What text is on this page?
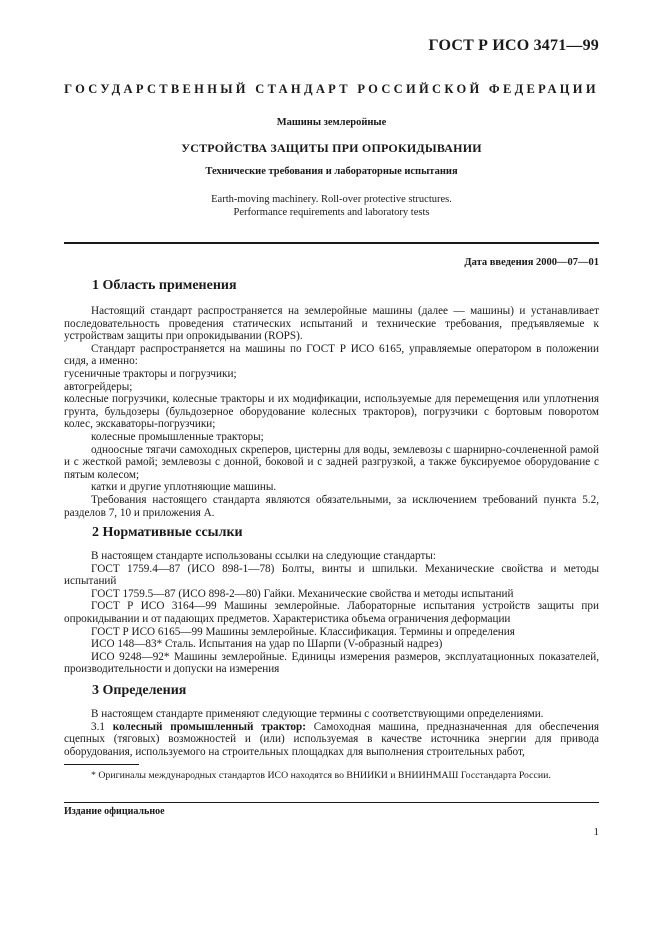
ГОСТ Р ИСО 3471—99
ГОСУДАРСТВЕННЫЙ СТАНДАРТ РОССИЙСКОЙ ФЕДЕРАЦИИ
Машины землеройные
УСТРОЙСТВА ЗАЩИТЫ ПРИ ОПРОКИДЫВАНИИ
Технические требования и лабораторные испытания
Earth-moving machinery. Roll-over protective structures.
Performance requirements and laboratory tests
Дата введения 2000—07—01
1 Область применения

Настоящий стандарт распространяется на землеройные машины (далее — машины) и устанавливает последовательность проведения статических испытаний и технические требования, предъявляемые к устройствам защиты при опрокидывании (ROPS).

Стандарт распространяется на машины по ГОСТ Р ИСО 6165, управляемые оператором в положении сидя, а именно:

гусеничные тракторы и погрузчики;

автогрейдеры;

колесные погрузчики, колесные тракторы и их модификации, используемые для перемещения или уплотнения грунта, бульдозеры (бульдозерное оборудование колесных тракторов), погрузчики с бортовым поворотом колес, экскаваторы-погрузчики;

колесные промышленные тракторы;

одноосные тягачи самоходных скреперов, цистерны для воды, землевозы с шарнирно-сочлененной рамой и с жесткой рамой; землевозы с донной, боковой и с задней разгрузкой, а также буксируемое оборудование с пятым колесом;

катки и другие уплотняющие машины.

Требования настоящего стандарта являются обязательными, за исключением требований пункта 5.2, разделов 7, 10 и приложения А.

2 Нормативные ссылки

В настоящем стандарте использованы ссылки на следующие стандарты:

ГОСТ 1759.4—87 (ИСО 898-1—78) Болты, винты и шпильки. Механические свойства и методы испытаний

ГОСТ 1759.5—87 (ИСО 898-2—80) Гайки. Механические свойства и методы испытаний

ГОСТ Р ИСО 3164—99 Машины землеройные. Лабораторные испытания устройств защиты при опрокидывании и от падающих предметов. Характеристика объема ограничения деформации

ГОСТ Р ИСО 6165—99 Машины землеройные. Классификация. Термины и определения

ИСО 148—83* Сталь. Испытания на удар по Шарпи (V-образный надрез)

ИСО 9248—92* Машины землеройные. Единицы измерения размеров, эксплуатационных показателей, производительности и допуски на измерения

3 Определения

В настоящем стандарте применяют следующие термины с соответствующими определениями.

3.1 колесный промышленный трактор: Самоходная машина, предназначенная для обеспечения сцепных (тяговых) возможностей и (или) используемая в качестве источника энергии для привода оборудования, используемого на строительных площадках для выполнения строительных работ,

* Оригиналы международных стандартов ИСО находятся во ВНИИКИ и ВНИИНМАШ Госстандарта России.

Издание официальное
1
